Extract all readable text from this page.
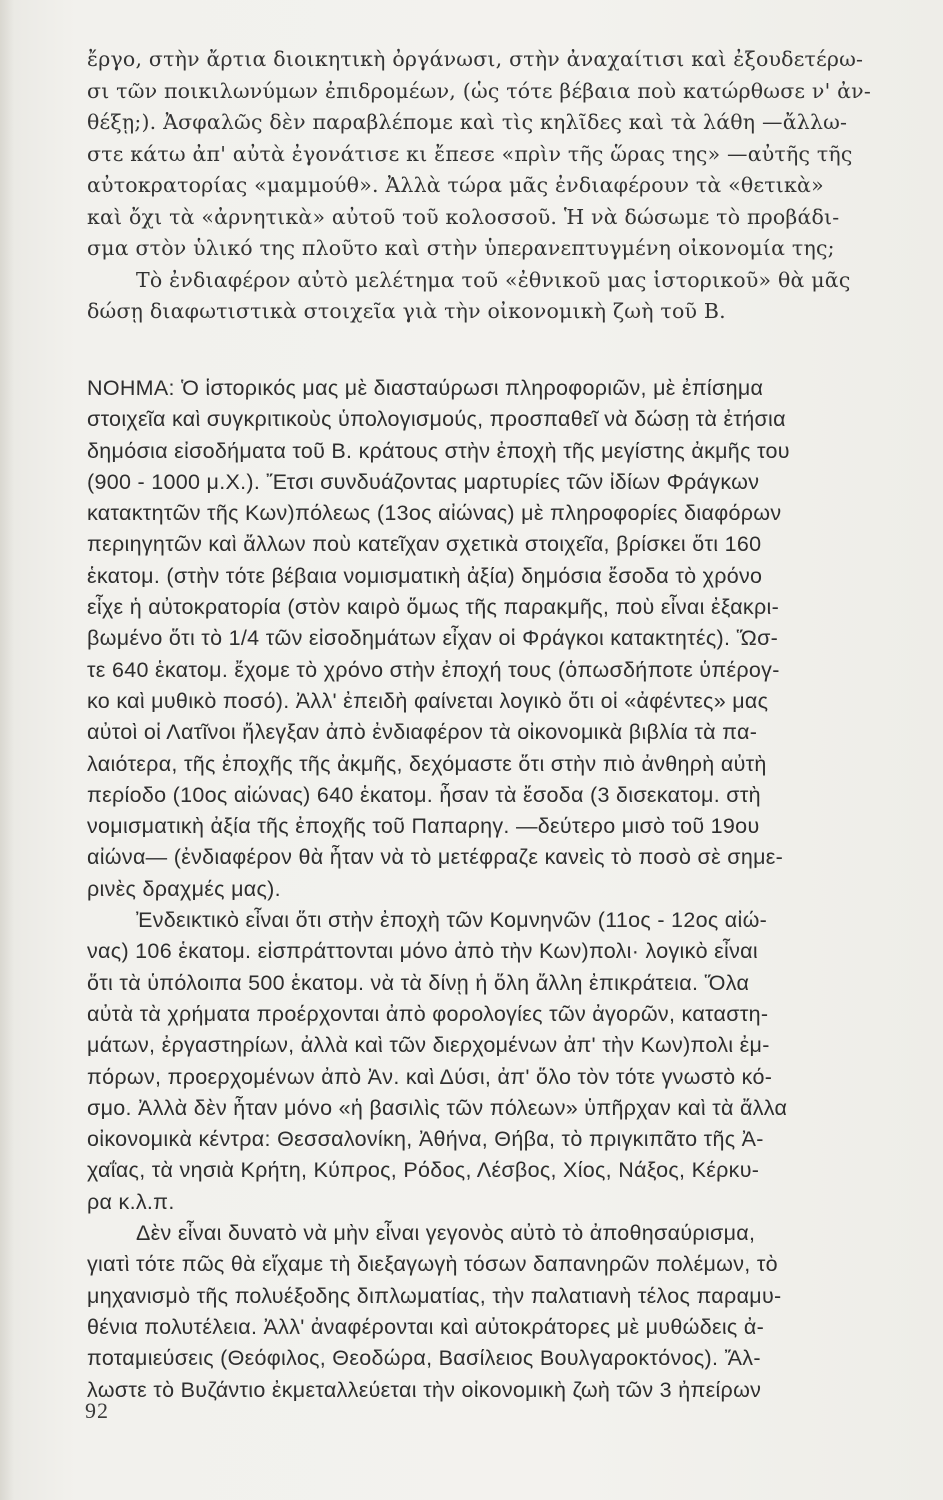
ἔργο, στὴν ἄρτια διοικητικὴ ὀργάνωσι, στὴν ἀναχαίτισι καὶ ἐξουδετέρω-
σι τῶν ποικιλωνύμων ἐπιδρομέων, (ὡς τότε βέβαια ποὺ κατώρθωσε ν' ἀν-
θέξῃ;). Ἀσφαλῶς δὲν παραβλέπομε καὶ τὶς κηλῖδες καὶ τὰ λάθη —ἄλλω-
στε κάτω ἀπ' αὐτὰ ἐγονάτισε κι ἔπεσε «πρὶν τῆς ὥρας της» —αὐτῆς τῆς
αὐτοκρατορίας «μαμμούθ». Ἀλλὰ τώρα μᾶς ἐνδιαφέρουν τὰ «θετικὰ»
καὶ ὄχι τὰ «ἀρνητικὰ» αὐτοῦ τοῦ κολοσσοῦ. Ἡ νὰ δώσωμε τὸ προβάδι-
σμα στὸν ὑλικό της πλοῦτο καὶ στὴν ὑπερανεπτυγμένη οἰκονομία της;
Τὸ ἐνδιαφέρον αὐτὸ μελέτημα τοῦ «ἐθνικοῦ μας ἱστορικοῦ» θὰ μᾶς
δώσῃ διαφωτιστικὰ στοιχεῖα γιὰ τὴν οἰκονομικὴ ζωὴ τοῦ Β.
ΝΟΗΜΑ: Ὁ ἱστορικός μας μὲ διασταύρωσι πληροφοριῶν, μὲ ἐπίσημα
στοιχεῖα καὶ συγκριτικοὺς ὑπολογισμούς, προσπαθεῖ νὰ δώσῃ τὰ ἐτήσια
δημόσια εἰσοδήματα τοῦ Β. κράτους στὴν ἐποχὴ τῆς μεγίστης ἀκμῆς του
(900 - 1000 μ.Χ.). Ἔτσι συνδυάζοντας μαρτυρίες τῶν ἰδίων Φράγκων
κατακτητῶν τῆς Κων)πόλεως (13ος αἰώνας) μὲ πληροφορίες διαφόρων
περιηγητῶν καὶ ἄλλων ποὺ κατεῖχαν σχετικὰ στοιχεῖα, βρίσκει ὅτι 160
ἑκατομ. (στὴν τότε βέβαια νομισματικὴ ἀξία) δημόσια ἔσοδα τὸ χρόνο
εἶχε ἡ αὐτοκρατορία (στὸν καιρὸ ὅμως τῆς παρακμῆς, ποὺ εἶναι ἐξακρι-
βωμένο ὅτι τὸ 1/4 τῶν εἰσοδημάτων εἶχαν οἱ Φράγκοι κατακτητές). Ὥσ-
τε 640 ἑκατομ. ἔχομε τὸ χρόνο στὴν ἐποχή τους (ὁπωσδήποτε ὑπέρογ-
κο καὶ μυθικὸ ποσό). Ἀλλ' ἐπειδὴ φαίνεται λογικὸ ὅτι οἱ «ἀφέντες» μας
αὐτοὶ οἱ Λατῖνοι ἤλεγξαν ἀπὸ ἐνδιαφέρον τὰ οἰκονομικὰ βιβλία τὰ πα-
λαιότερα, τῆς ἐποχῆς τῆς ἀκμῆς, δεχόμαστε ὅτι στὴν πιὸ ἀνθηρὴ αὐτὴ
περίοδο (10ος αἰώνας) 640 ἑκατομ. ἦσαν τὰ ἔσοδα (3 δισεκατομ. στὴ
νομισματικὴ ἀξία τῆς ἐποχῆς τοῦ Παπαρηγ. —δεύτερο μισὸ τοῦ 19ου
αἰώνα— (ἐνδιαφέρον θὰ ἦταν νὰ τὸ μετέφραζε κανεὶς τὸ ποσὸ σὲ σημε-
ρινὲς δραχμές μας).
Ἐνδεικτικὸ εἶναι ὅτι στὴν ἐποχὴ τῶν Κομνηνῶν (11ος - 12ος αἰώ-
νας) 106 ἑκατομ. εἰσπράττονται μόνο ἀπὸ τὴν Κων)πολι· λογικὸ εἶναι
ὅτι τὰ ὑπόλοιπα 500 ἑκατομ. νὰ τὰ δίνῃ ἡ ὅλη ἄλλη ἐπικράτεια. Ὅλα
αὐτὰ τὰ χρήματα προέρχονται ἀπὸ φορολογίες τῶν ἀγορῶν, καταστη-
μάτων, ἐργαστηρίων, ἀλλὰ καὶ τῶν διερχομένων ἀπ' τὴν Κων)πολι ἐμ-
πόρων, προερχομένων ἀπὸ Ἀν. καὶ Δύσι, ἀπ' ὅλο τὸν τότε γνωστὸ κό-
σμο. Ἀλλὰ δὲν ἦταν μόνο «ἡ βασιλὶς τῶν πόλεων» ὑπῆρχαν καὶ τὰ ἄλλα
οἰκονομικὰ κέντρα: Θεσσαλονίκη, Ἀθήνα, Θήβα, τὸ πριγκιπᾶτο τῆς Ἀ-
χαΐας, τὰ νησιὰ Κρήτη, Κύπρος, Ρόδος, Λέσβος, Χίος, Νάξος, Κέρκυ-
ρα κ.λ.π.
Δὲν εἶναι δυνατὸ νὰ μὴν εἶναι γεγονὸς αὐτὸ τὸ ἀποθησαύρισμα,
γιατὶ τότε πῶς θὰ εἴχαμε τὴ διεξαγωγὴ τόσων δαπανηρῶν πολέμων, τὸ
μηχανισμὸ τῆς πολυέξοδης διπλωματίας, τὴν παλατιανὴ τέλος παραμυ-
θένια πολυτέλεια. Ἀλλ' ἀναφέρονται καὶ αὐτοκράτορες μὲ μυθώδεις ἀ-
ποταμιεύσεις (Θεόφιλος, Θεοδώρα, Βασίλειος Βουλγαροκτόνος). Ἄλ-
λωστε τὸ Βυζάντιο ἐκμεταλλεύεται τὴν οἰκονομικὴ ζωὴ τῶν 3 ἠπείρων
92
